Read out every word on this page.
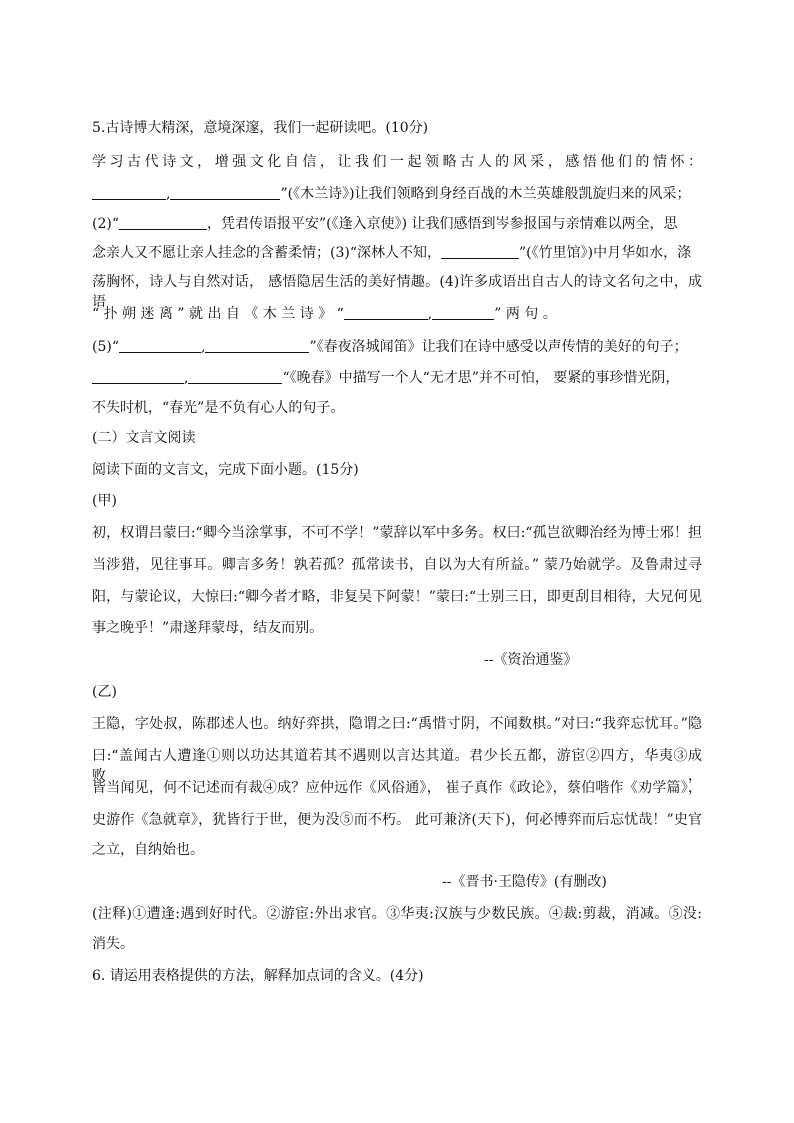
5.古诗博大精深，意境深邃，我们一起研读吧。(10分)
学习古代诗文，增强文化自信，让我们一起领略古人的风采，感悟他们的情怀：
,	”(《木兰诗》)让我们领略到身经百战的木兰英雄般凯旋归来的风采；
(2)“	，凭君传语报平安”(《逢入京使》) 让我们感悟到岑参报国与亲情难以两全，思
念亲人又不愿让亲人挂念的含蓄柔情；(3)“深林人不知，	”(《竹里馆》)中月华如水，涤
荡胸怀，诗人与自然对话， 感悟隐居生活的美好情趣。(4)许多成语出自古人的诗文名句之中，成语
“ 扑 朔 迷 离 ” 就 出 自 《 木 兰 诗 》 “	,	” 两 句 。
(5)“	,	”《春夜洛城闻笛》让我们在诗中感受以声传情的美好的句子；
,	“《晚春》中描写一个人“无才思”并不可怕， 要紧的事珍惜光阴，
不失时机，“春光”是不负有心人的句子。
(二）文言文阅读
阅读下面的文言文，完成下面小题。(15分)
(甲)
初，权谓吕蒙曰:“卿今当涂掌事，不可不学！”蒙辞以军中多务。权曰:“孤岂欲卿治经为博士邪！担
当涉猎，见往事耳。卿言多务！孰若孤？孤常读书，自以为大有所益。” 蒙乃始就学。及鲁肃过寻
阳，与蒙论议，大惊曰:“卿今者才略，非复吴下阿蒙！”蒙曰:“士别三日，即更刮目相待，大兄何见
事之晚乎！”肃遂拜蒙母，结友而别。
--《资治通鉴》
(乙)
王隐，字处叔，陈郡述人也。纳好弈拱，隐谓之曰:“禹惜寸阴，不闻数棋。”对曰:“我弈忘忧耳。”隐
曰:“盖闻古人遭逢①则以功达其道若其不遇则以言达其道。君少长五都，游宦②四方，华夷③成败，
皆当闻见，何不记述而有裁④成？应仲远作《风俗通》， 崔子真作《政论》，蔡伯喈作《劝学篇》，
史游作《急就章》，犹皆行于世，便为没⑤而不朽。 此可兼济(天下)，何必博弈而后忘忧哉！”史官
之立，自纳始也。
--《晋书·王隐传》(有删改)
(注释)①遭逢:遇到好时代。②游宦:外出求官。③华夷:汉族与少数民族。④裁:剪裁，消减。⑤没:
消失。
6. 请运用表格提供的方法，解释加点词的含义。(4分)
